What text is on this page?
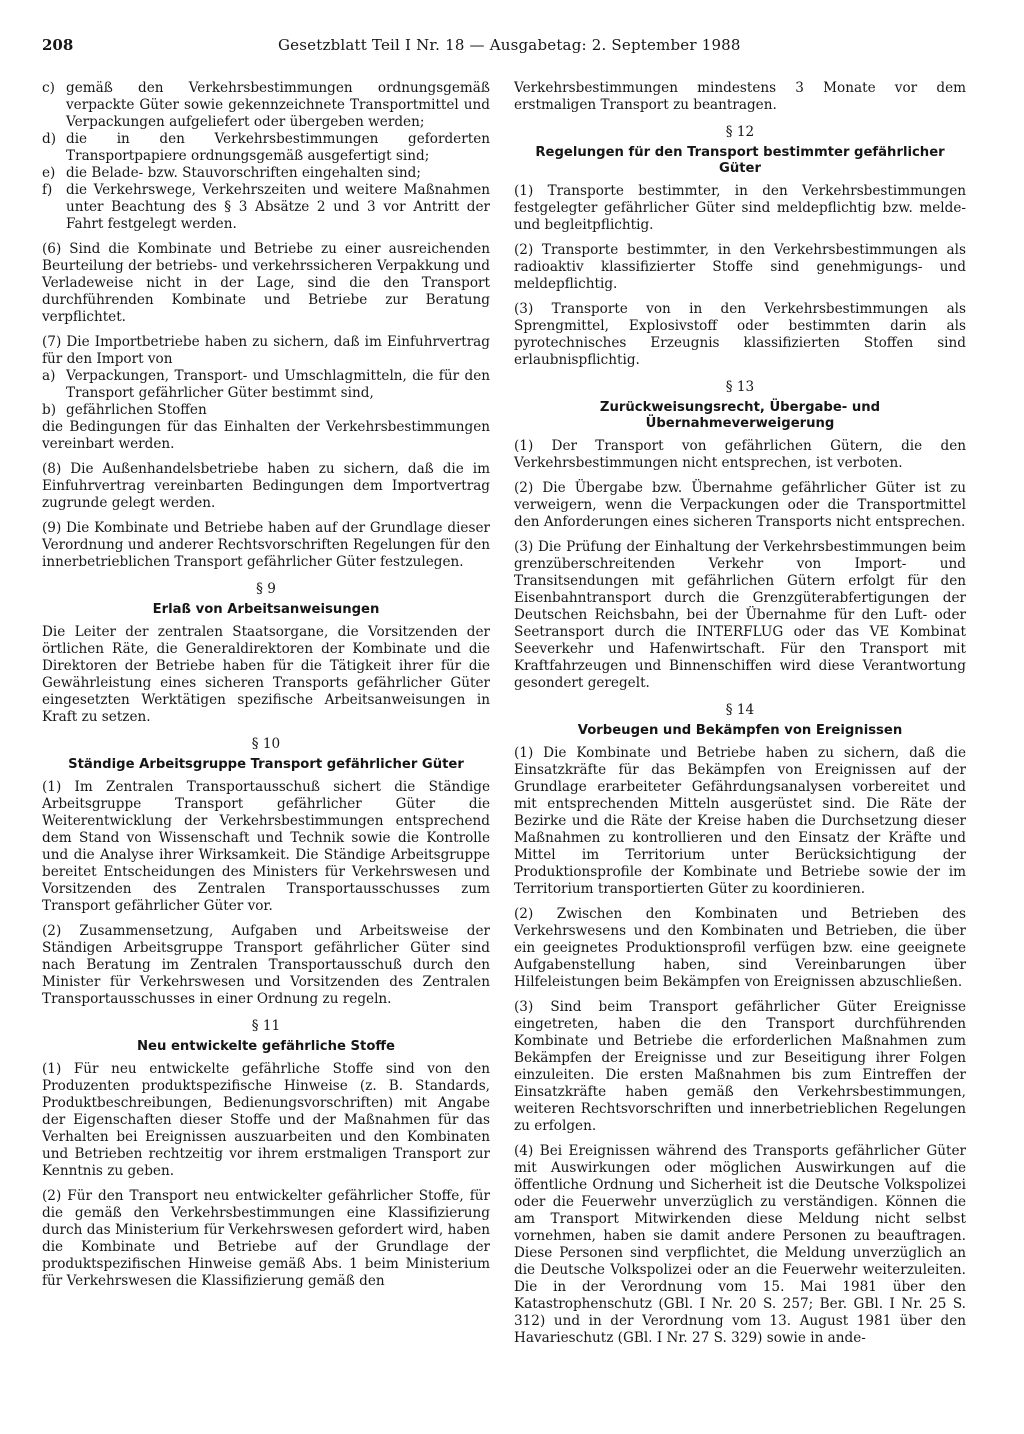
208	Gesetzblatt Teil I Nr. 18 — Ausgabetag: 2. September 1988

c) gemäß den Verkehrsbestimmungen ordnungsgemäß verpackte Güter sowie gekennzeichnete Transportmittel und Verpackungen aufgeliefert oder übergeben werden;

d) die in den Verkehrsbestimmungen geforderten Transportpapiere ordnungsgemäß ausgefertigt sind;

e) die Belade- bzw. Stauvorschriften eingehalten sind;

f) die Verkehrswege, Verkehrszeiten und weitere Maßnahmen unter Beachtung des § 3 Absätze 2 und 3 vor Antritt der Fahrt festgelegt werden.

(6) Sind die Kombinate und Betriebe zu einer ausreichenden Beurteilung der betriebs- und verkehrssicheren Verpakkung und Verladeweise nicht in der Lage, sind die den Transport durchführenden Kombinate und Betriebe zur Beratung verpflichtet.

(7) Die Importbetriebe haben zu sichern, daß im Einfuhrvertrag für den Import von

a) Verpackungen, Transport- und Umschlagmitteln, die für den Transport gefährlicher Güter bestimmt sind,

b) gefährlichen Stoffen

die Bedingungen für das Einhalten der Verkehrsbestimmungen vereinbart werden.

(8) Die Außenhandelsbetriebe haben zu sichern, daß die im Einfuhrvertrag vereinbarten Bedingungen dem Importvertrag zugrunde gelegt werden.

(9) Die Kombinate und Betriebe haben auf der Grundlage dieser Verordnung und anderer Rechtsvorschriften Regelungen für den innerbetrieblichen Transport gefährlicher Güter festzulegen.

§ 9

Erlaß von Arbeitsanweisungen

Die Leiter der zentralen Staatsorgane, die Vorsitzenden der örtlichen Räte, die Generaldirektoren der Kombinate und die Direktoren der Betriebe haben für die Tätigkeit ihrer für die Gewährleistung eines sicheren Transports gefährlicher Güter eingesetzten Werktätigen spezifische Arbeitsanweisungen in Kraft zu setzen.

§ 10

Ständige Arbeitsgruppe Transport gefährlicher Güter

(1) Im Zentralen Transportausschuß sichert die Ständige Arbeitsgruppe Transport gefährlicher Güter die Weiterentwicklung der Verkehrsbestimmungen entsprechend dem Stand von Wissenschaft und Technik sowie die Kontrolle und die Analyse ihrer Wirksamkeit. Die Ständige Arbeitsgruppe bereitet Entscheidungen des Ministers für Verkehrswesen und Vorsitzenden des Zentralen Transportausschusses zum Transport gefährlicher Güter vor.

(2) Zusammensetzung, Aufgaben und Arbeitsweise der Ständigen Arbeitsgruppe Transport gefährlicher Güter sind nach Beratung im Zentralen Transportausschuß durch den Minister für Verkehrswesen und Vorsitzenden des Zentralen Transportausschusses in einer Ordnung zu regeln.

§ 11

Neu entwickelte gefährliche Stoffe

(1) Für neu entwickelte gefährliche Stoffe sind von den Produzenten produktspezifische Hinweise (z. B. Standards, Produktbeschreibungen, Bedienungsvorschriften) mit Angabe der Eigenschaften dieser Stoffe und der Maßnahmen für das Verhalten bei Ereignissen auszuarbeiten und den Kombinaten und Betrieben rechtzeitig vor ihrem erstmaligen Transport zur Kenntnis zu geben.

(2) Für den Transport neu entwickelter gefährlicher Stoffe, für die gemäß den Verkehrsbestimmungen eine Klassifizierung durch das Ministerium für Verkehrswesen gefordert wird, haben die Kombinate und Betriebe auf der Grundlage der produktspezifischen Hinweise gemäß Abs. 1 beim Ministerium für Verkehrswesen die Klassifizierung gemäß den

Verkehrsbestimmungen mindestens 3 Monate vor dem erstmaligen Transport zu beantragen.

§ 12

Regelungen für den Transport bestimmter gefährlicher Güter

(1) Transporte bestimmter, in den Verkehrsbestimmungen festgelegter gefährlicher Güter sind meldepflichtig bzw. melde- und begleitpflichtig.

(2) Transporte bestimmter, in den Verkehrsbestimmungen als radioaktiv klassifizierter Stoffe sind genehmigungs- und meldepflichtig.

(3) Transporte von in den Verkehrsbestimmungen als Sprengmittel, Explosivstoff oder bestimmten darin als pyrotechnisches Erzeugnis klassifizierten Stoffen sind erlaubnispflichtig.

§ 13

Zurückweisungsrecht, Übergabe- und Übernahmeverweigerung

(1) Der Transport von gefährlichen Gütern, die den Verkehrsbestimmungen nicht entsprechen, ist verboten.

(2) Die Übergabe bzw. Übernahme gefährlicher Güter ist zu verweigern, wenn die Verpackungen oder die Transportmittel den Anforderungen eines sicheren Transports nicht entsprechen.

(3) Die Prüfung der Einhaltung der Verkehrsbestimmungen beim grenzüberschreitenden Verkehr von Import- und Transitsendungen mit gefährlichen Gütern erfolgt für den Eisenbahntransport durch die Grenzgüterabfertigungen der Deutschen Reichsbahn, bei der Übernahme für den Luft- oder Seetransport durch die INTERFLUG oder das VE Kombinat Seeverkehr und Hafenwirtschaft. Für den Transport mit Kraftfahrzeugen und Binnenschiffen wird diese Verantwortung gesondert geregelt.

§ 14

Vorbeugen und Bekämpfen von Ereignissen

(1) Die Kombinate und Betriebe haben zu sichern, daß die Einsatzkräfte für das Bekämpfen von Ereignissen auf der Grundlage erarbeiteter Gefährdungsanalysen vorbereitet und mit entsprechenden Mitteln ausgerüstet sind. Die Räte der Bezirke und die Räte der Kreise haben die Durchsetzung dieser Maßnahmen zu kontrollieren und den Einsatz der Kräfte und Mittel im Territorium unter Berücksichtigung der Produktionsprofile der Kombinate und Betriebe sowie der im Territorium transportierten Güter zu koordinieren.

(2) Zwischen den Kombinaten und Betrieben des Verkehrswesens und den Kombinaten und Betrieben, die über ein geeignetes Produktionsprofil verfügen bzw. eine geeignete Aufgabenstellung haben, sind Vereinbarungen über Hilfeleistungen beim Bekämpfen von Ereignissen abzuschließen.

(3) Sind beim Transport gefährlicher Güter Ereignisse eingetreten, haben die den Transport durchführenden Kombinate und Betriebe die erforderlichen Maßnahmen zum Bekämpfen der Ereignisse und zur Beseitigung ihrer Folgen einzuleiten. Die ersten Maßnahmen bis zum Eintreffen der Einsatzkräfte haben gemäß den Verkehrsbestimmungen, weiteren Rechtsvorschriften und innerbetrieblichen Regelungen zu erfolgen.

(4) Bei Ereignissen während des Transports gefährlicher Güter mit Auswirkungen oder möglichen Auswirkungen auf die öffentliche Ordnung und Sicherheit ist die Deutsche Volkspolizei oder die Feuerwehr unverzüglich zu verständigen. Können die am Transport Mitwirkenden diese Meldung nicht selbst vornehmen, haben sie damit andere Personen zu beauftragen. Diese Personen sind verpflichtet, die Meldung unverzüglich an die Deutsche Volkspolizei oder an die Feuerwehr weiterzuleiten. Die in der Verordnung vom 15. Mai 1981 über den Katastrophenschutz (GBl. I Nr. 20 S. 257; Ber. GBl. I Nr. 25 S. 312) und in der Verordnung vom 13. August 1981 über den Havarieschutz (GBl. I Nr. 27 S. 329) sowie in ande-
